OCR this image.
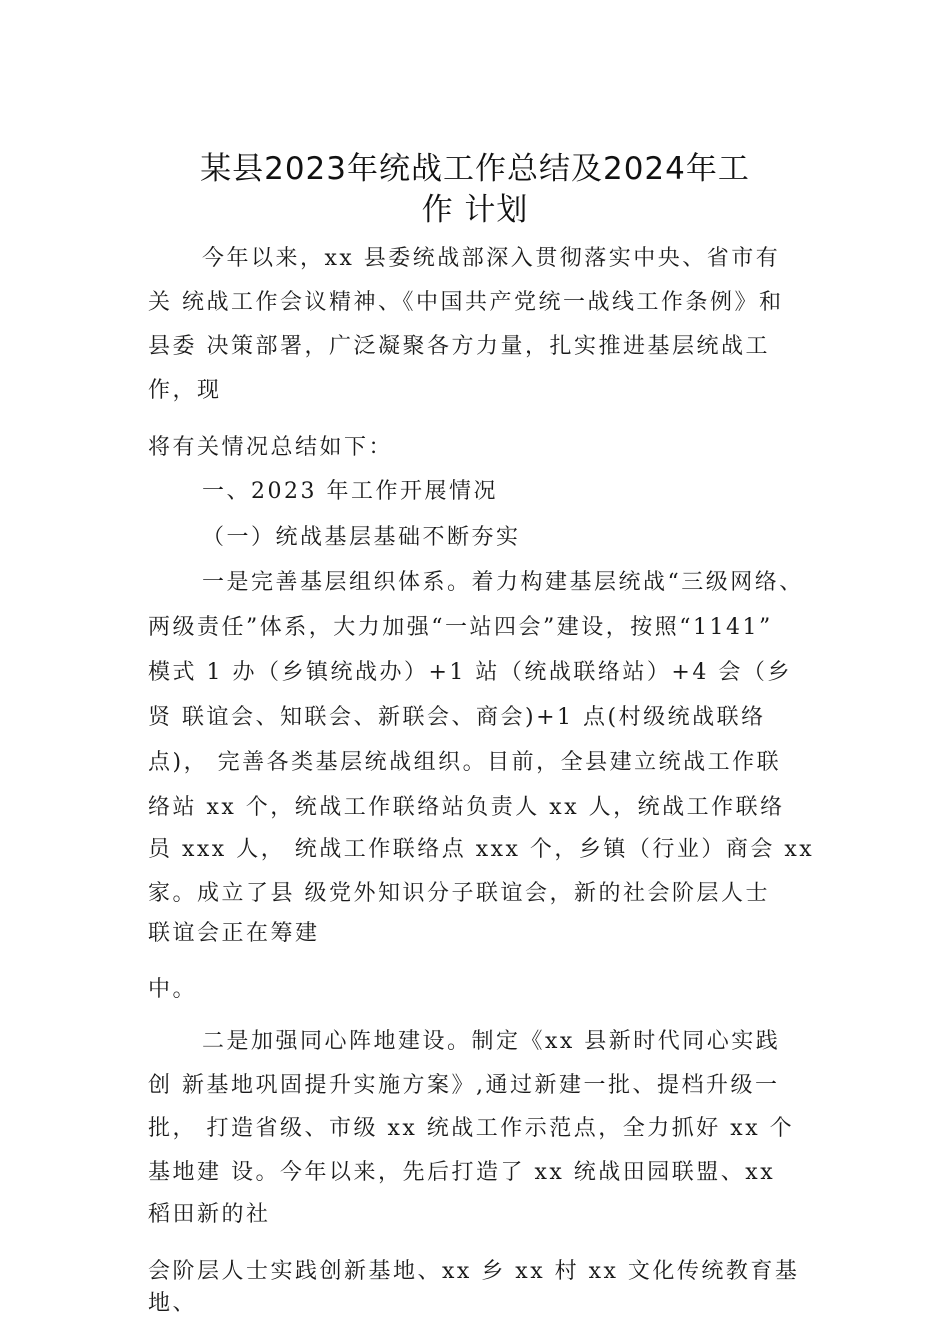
某县2023年统战工作总结及2024年工
作 计划
今年以来，xx 县委统战部深入贯彻落实中央、省市有
关 统战工作会议精神、《中国共产党统一战线工作条例》和
县委 决策部署，广泛凝聚各方力量，扎实推进基层统战工
作，现
将有关情况总结如下：
一、2023 年工作开展情况
（一）统战基层基础不断夯实
一是完善基层组织体系。着力构建基层统战“三级网络、
两级责任”体系，大力加强“一站四会”建设，按照“1141”
模式 1 办（乡镇统战办）+1 站（统战联络站）+4 会（乡
贤 联谊会、知联会、新联会、商会)+1 点(村级统战联络
点)， 完善各类基层统战组织。目前，全县建立统战工作联
络站 xx 个，统战工作联络站负责人 xx 人，统战工作联络
员 xxx 人， 统战工作联络点 xxx 个，乡镇（行业）商会 xx
家。成立了县 级党外知识分子联谊会，新的社会阶层人士
联谊会正在筹建
中。
二是加强同心阵地建设。制定《xx 县新时代同心实践
创 新基地巩固提升实施方案》,通过新建一批、提档升级一
批， 打造省级、市级 xx 统战工作示范点，全力抓好 xx 个
基地建 设。今年以来，先后打造了 xx 统战田园联盟、xx
稻田新的社
会阶层人士实践创新基地、xx 乡 xx 村 xx 文化传统教育基
地、
